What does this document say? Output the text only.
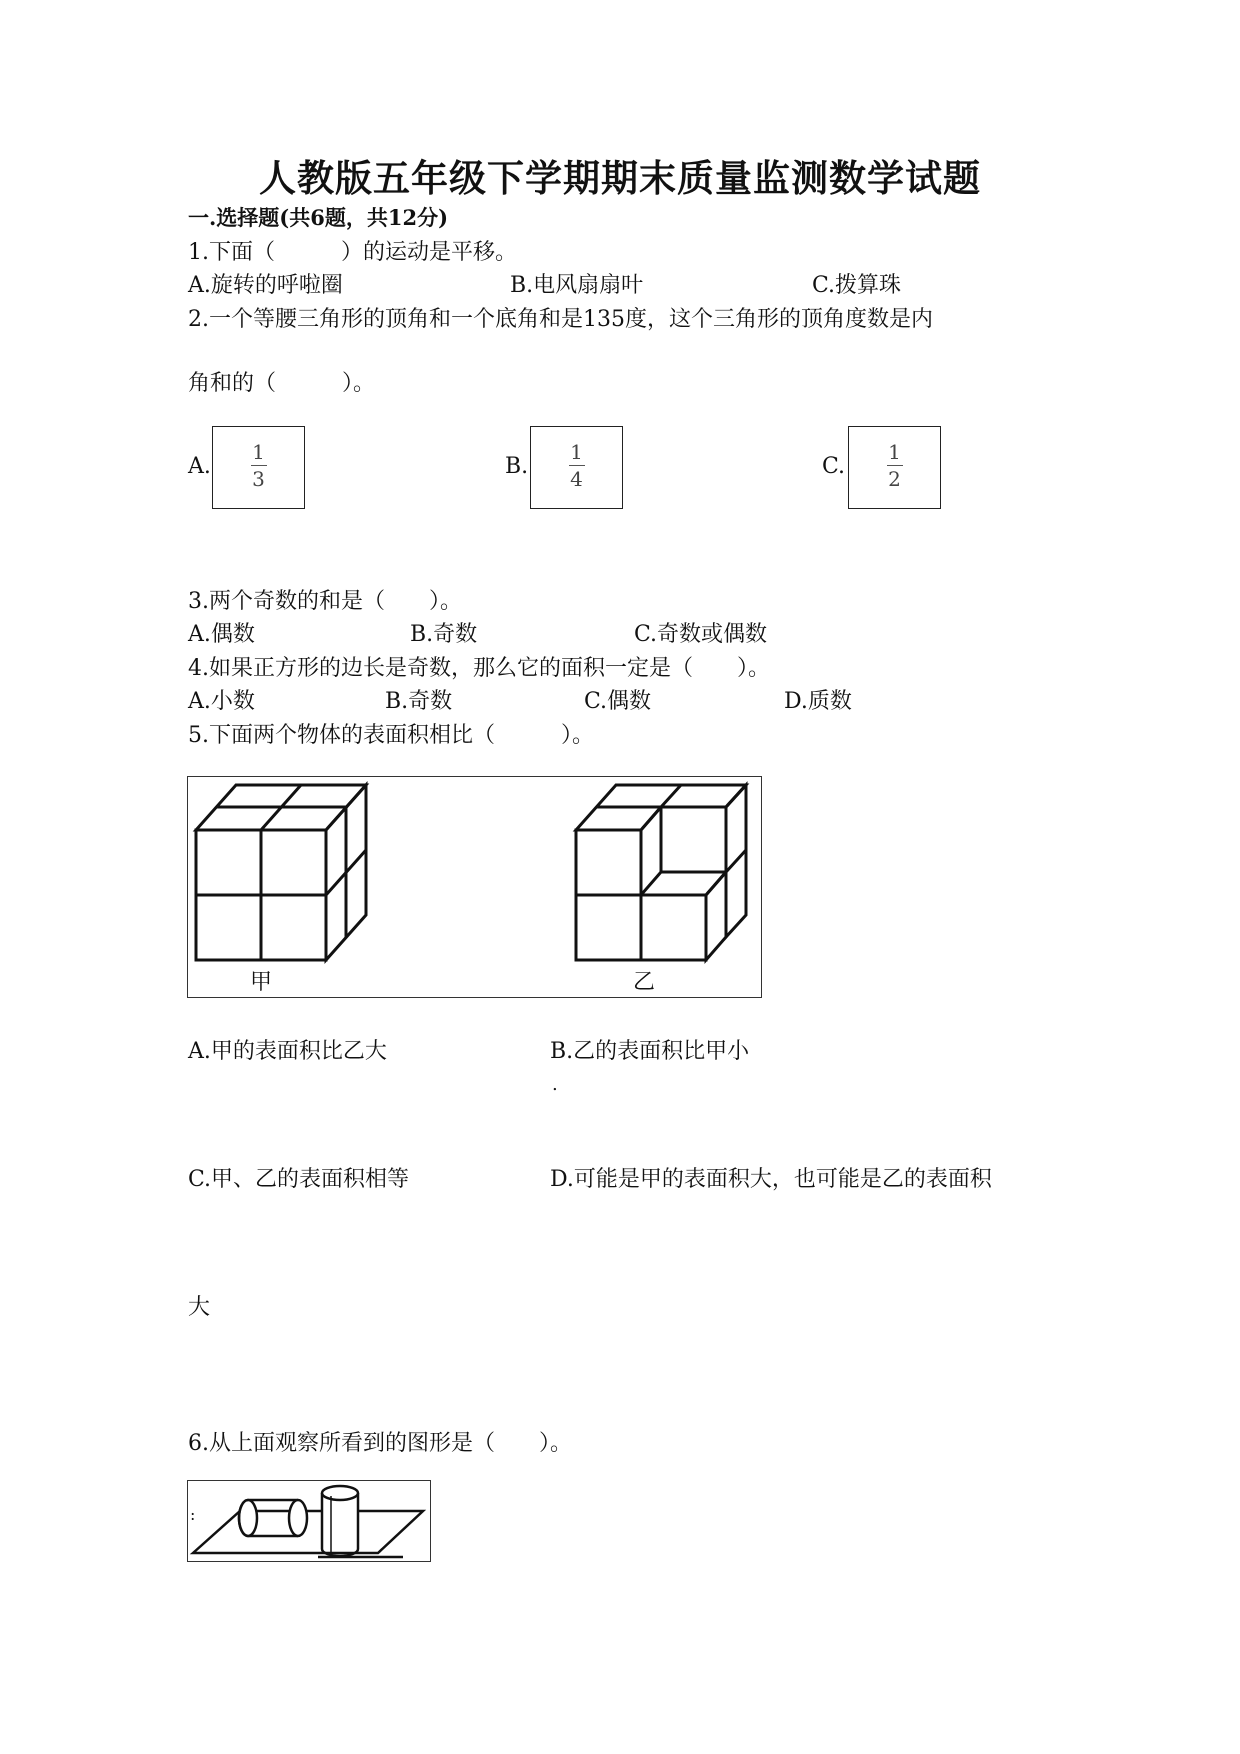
人教版五年级下学期期末质量监测数学试题
一.选择题(共6题，共12分)
1.下面（　　　）的运动是平移。
A.旋转的呼啦圈	B.电风扇扇叶	C.拨算珠
2.一个等腰三角形的顶角和一个底角和是135度，这个三角形的顶角度数是内
角和的（　　　）。
A.
1
3	B.
1
4	C.
1
2
3.两个奇数的和是（　　）。
A.偶数	B.奇数	C.奇数或偶数
4.如果正方形的边长是奇数，那么它的面积一定是（　　）。
A.小数	B.奇数	C.偶数	D.质数
5.下面两个物体的表面积相比（　　　）。
甲	乙
A.甲的表面积比乙大	B.乙的表面积比甲小
.
C.甲、乙的表面积相等	D.可能是甲的表面积大，也可能是乙的表面积
大
6.从上面观察所看到的图形是（　　）。
:
